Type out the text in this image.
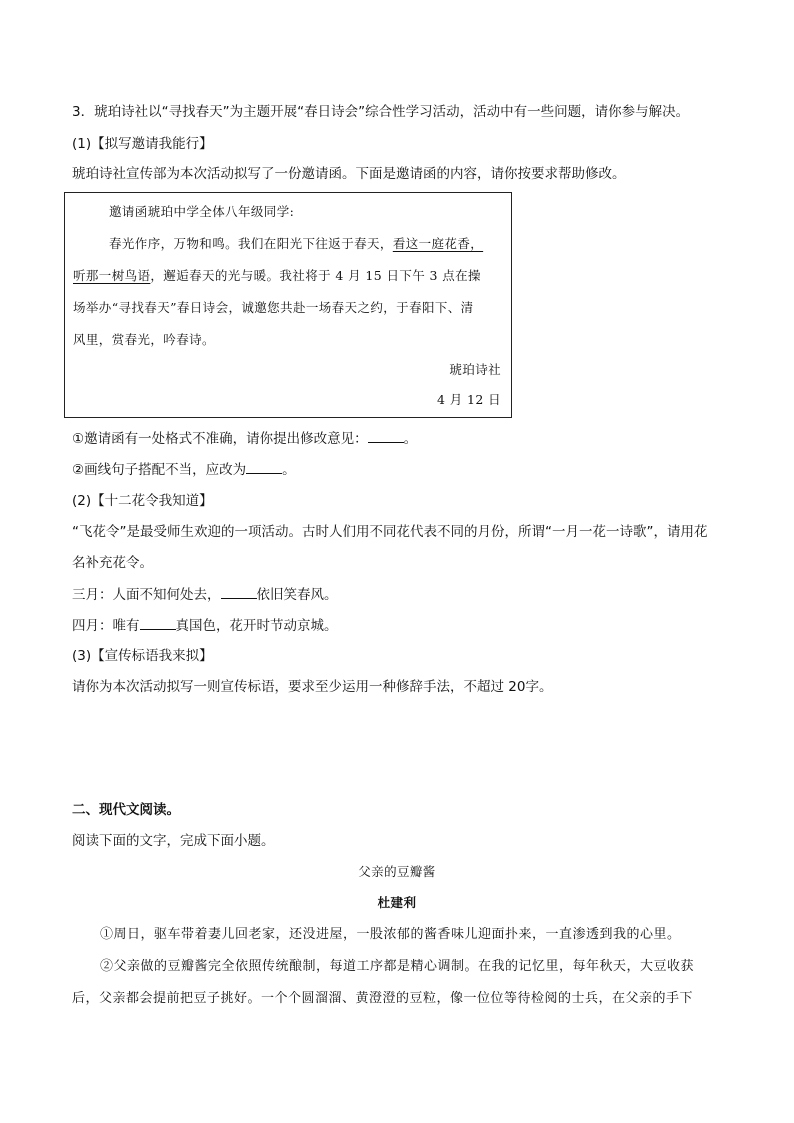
3．琥珀诗社以“寻找春天”为主题开展“春日诗会”综合性学习活动，活动中有一些问题，请你参与解决。
(1)【拟写邀请我能行】
琥珀诗社宣传部为本次活动拟写了一份邀请函。下面是邀请函的内容，请你按要求帮助修改。
邀请函琥珀中学全体八年级同学:
春光作序，万物和鸣。我们在阳光下往返于春天，看这一庭花香，
听那一树鸟语，邂逅春天的光与暖。我社将于 4 月 15 日下午 3 点在操
场举办“寻找春天”春日诗会，诚邀您共赴一场春天之约，于春阳下、清
风里，赏春光，吟春诗。
琥珀诗社
4 月 12 日
①邀请函有一处格式不准确，请你提出修改意见：	。
②画线句子搭配不当，应改为	。
(2)【十二花令我知道】
“飞花令”是最受师生欢迎的一项活动。古时人们用不同花代表不同的月份，所谓“一月一花一诗歌”，请用花
名补充花令。
三月：人面不知何处去，	依旧笑春风。
四月：唯有	真国色，花开时节动京城。
(3)【宣传标语我来拟】
请你为本次活动拟写一则宣传标语，要求至少运用一种修辞手法，不超过 20字。
二、现代文阅读。
阅读下面的文字，完成下面小题。
父亲的豆瓣酱
杜建利
①周日，驱车带着妻儿回老家，还没进屋，一股浓郁的酱香味儿迎面扑来，一直渗透到我的心里。
②父亲做的豆瓣酱完全依照传统酿制，每道工序都是精心调制。在我的记忆里，每年秋天，大豆收获
后，父亲都会提前把豆子挑好。一个个圆溜溜、黄澄澄的豆粒，像一位位等待检阅的士兵，在父亲的手下
